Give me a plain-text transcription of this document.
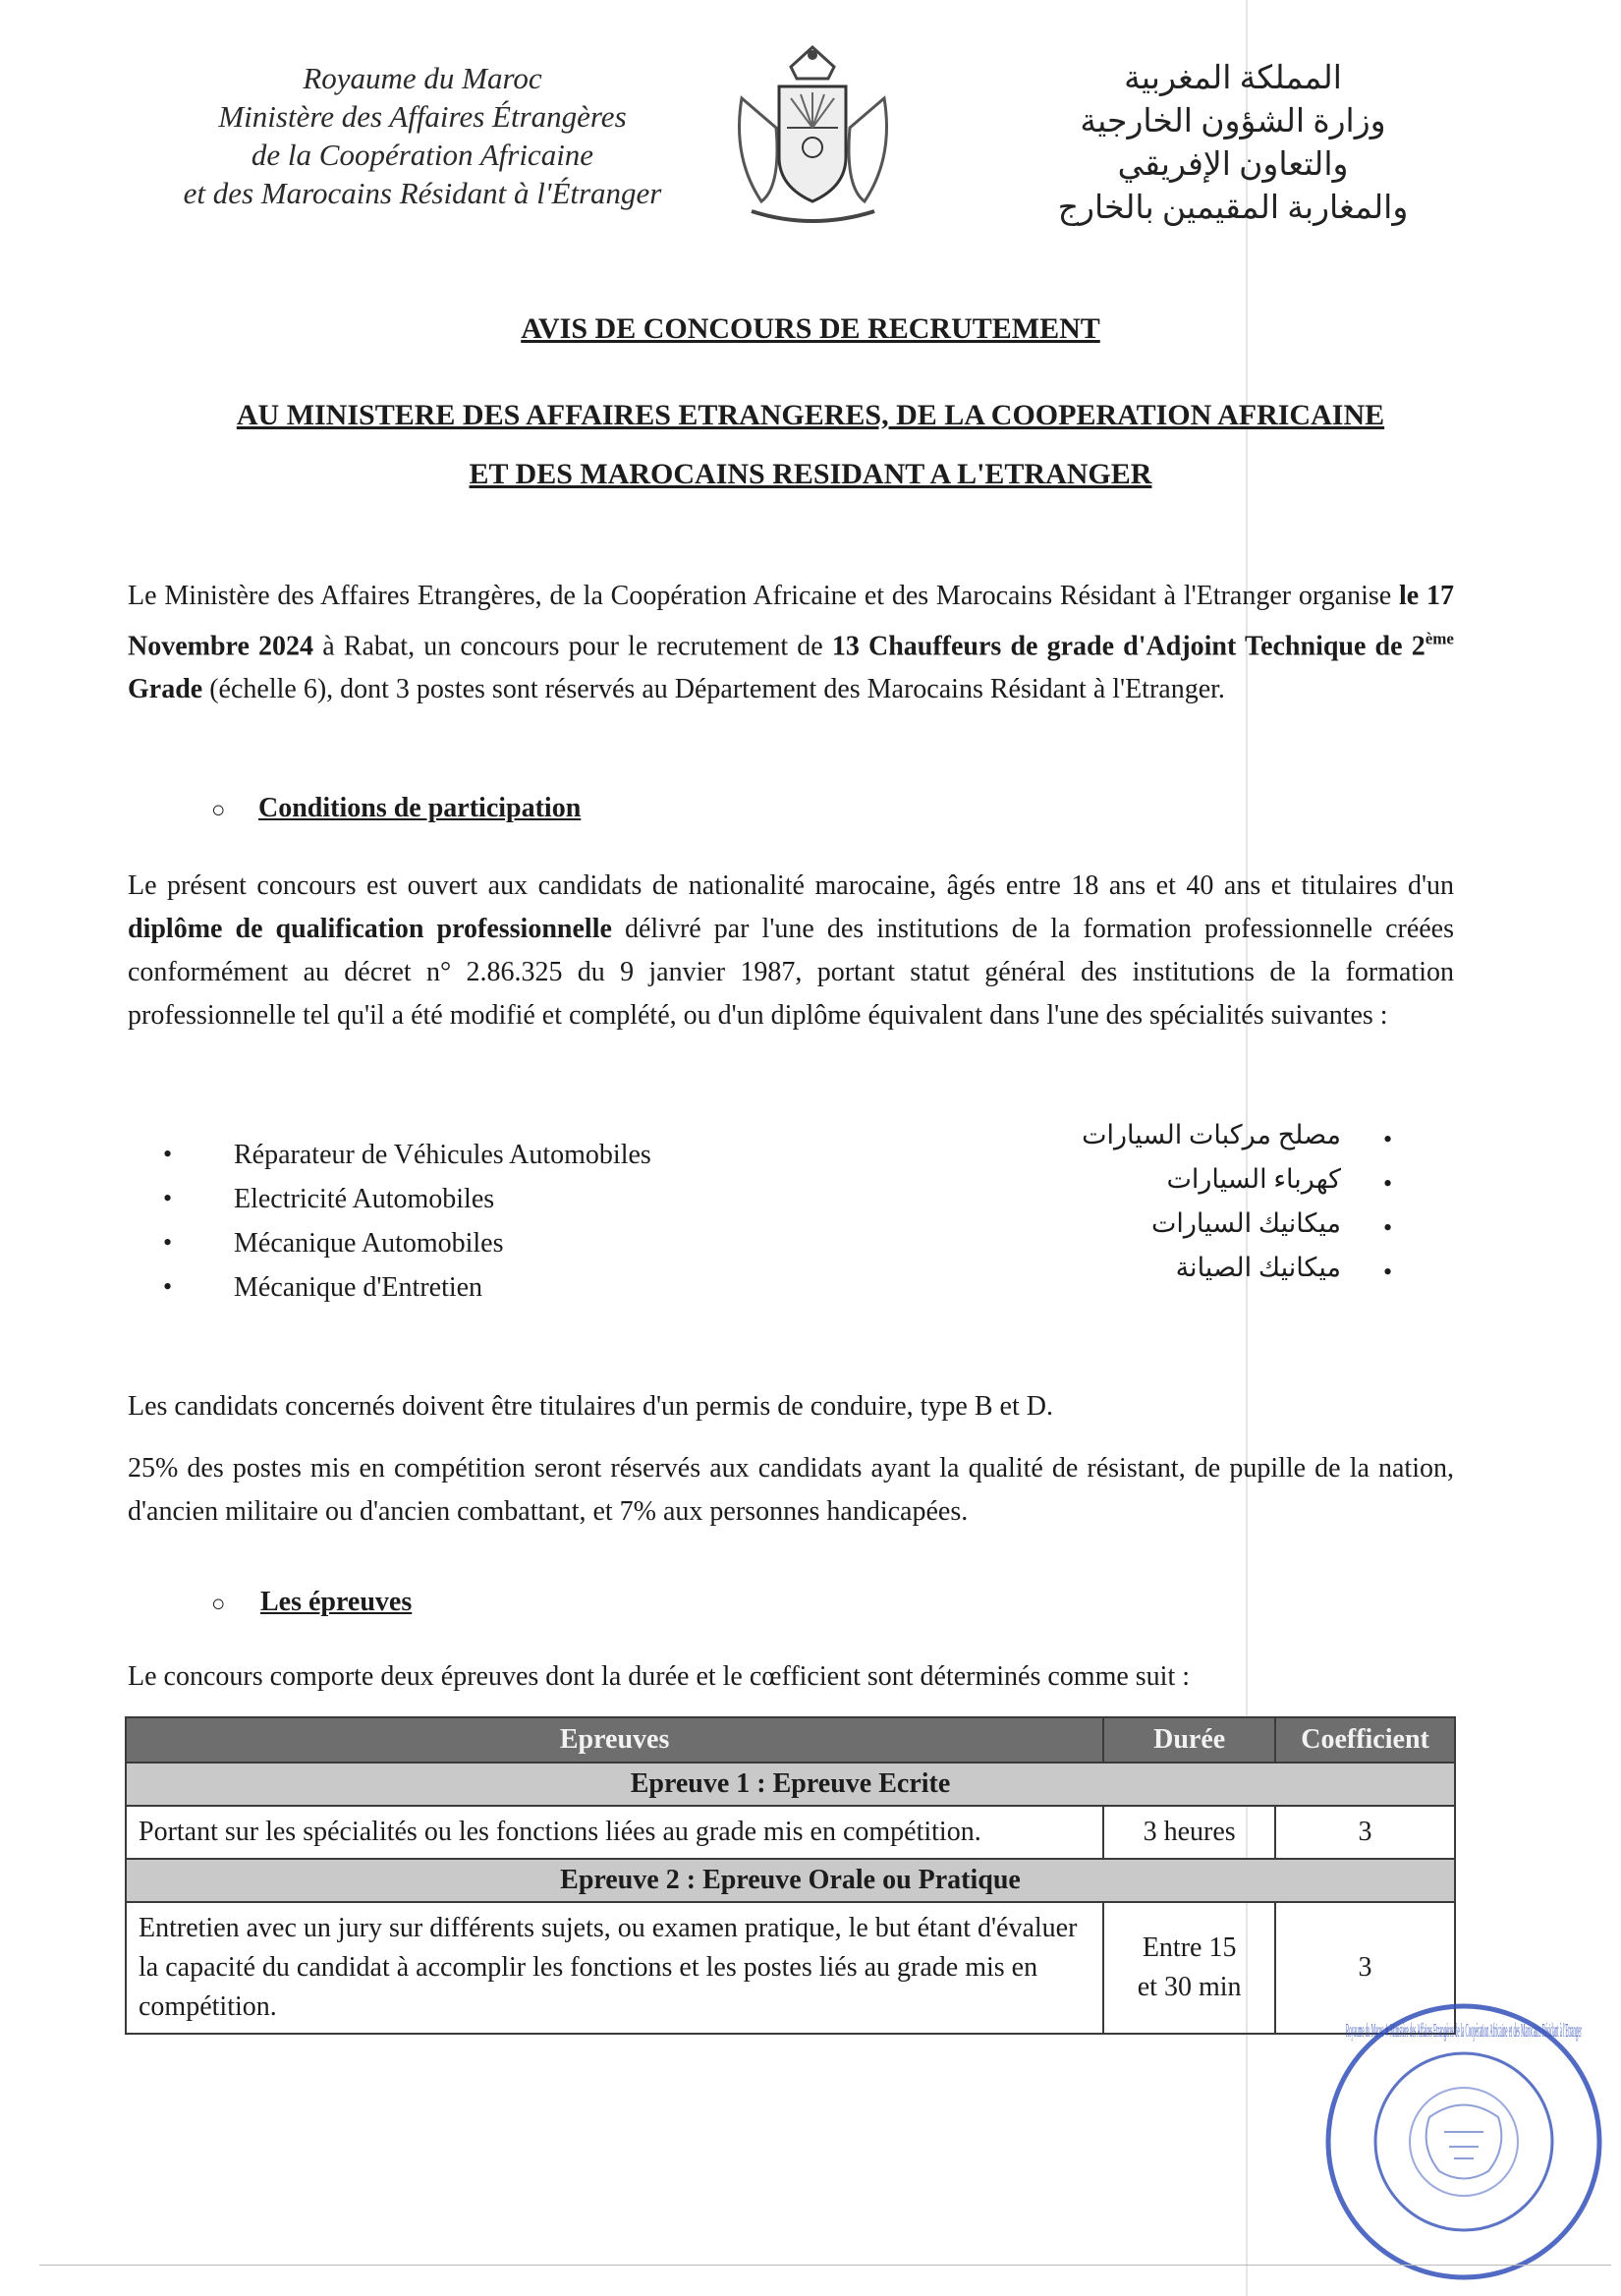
Royaume du Maroc
Ministère des Affaires Étrangères
de la Coopération Africaine
et des Marocains Résidant à l'Étranger
المملكة المغربية
وزارة الشؤون الخارجية
والتعاون الإفريقي
والمغاربة المقيمين بالخارج
AVIS DE CONCOURS DE RECRUTEMENT
AU MINISTERE DES AFFAIRES ETRANGERES, DE LA COOPERATION AFRICAINE
ET DES MAROCAINS RESIDANT A L'ETRANGER

Le Ministère des Affaires Etrangères, de la Coopération Africaine et des Marocains Résidant à l'Etranger organise le 17 Novembre 2024 à Rabat, un concours pour le recrutement de 13 Chauffeurs de grade d'Adjoint Technique de 2ème Grade (échelle 6), dont 3 postes sont réservés au Département des Marocains Résidant à l'Etranger.

○ Conditions de participation

Le présent concours est ouvert aux candidats de nationalité marocaine, âgés entre 18 ans et 40 ans et titulaires d'un diplôme de qualification professionnelle délivré par l'une des institutions de la formation professionnelle créées conformément au décret n° 2.86.325 du 9 janvier 1987, portant statut général des institutions de la formation professionnelle tel qu'il a été modifié et complété, ou d'un diplôme équivalent dans l'une des spécialités suivantes :

• Réparateur de Véhicules Automobiles
• Electricité Automobiles
• Mécanique Automobiles
• Mécanique d'Entretien
مصلح مركبات السيارات •
كهرباء السيارات •
ميكانيك السيارات •
ميكانيك الصيانة •

Les candidats concernés doivent être titulaires d'un permis de conduire, type B et D.

25% des postes mis en compétition seront réservés aux candidats ayant la qualité de résistant, de pupille de la nation, d'ancien militaire ou d'ancien combattant, et 7% aux personnes handicapées.

○ Les épreuves

Le concours comporte deux épreuves dont la durée et le cœfficient sont déterminés comme suit :

Epreuves	Durée	Coefficient
Epreuve 1 : Epreuve Ecrite		
Portant sur les spécialités ou les fonctions liées au grade mis en compétition.	3 heures	3
Epreuve 2 : Epreuve Orale ou Pratique		
Entretien avec un jury sur différents sujets, ou examen pratique, le but étant d'évaluer la capacité du candidat à accomplir les fonctions et les postes liés au grade mis en compétition.	Entre 15 et 30 min	3
Royaume du Maroc ★ Ministère des Affaires Etrangères de la Coopération Africaine et des Marocains Résidant à l'Etranger
